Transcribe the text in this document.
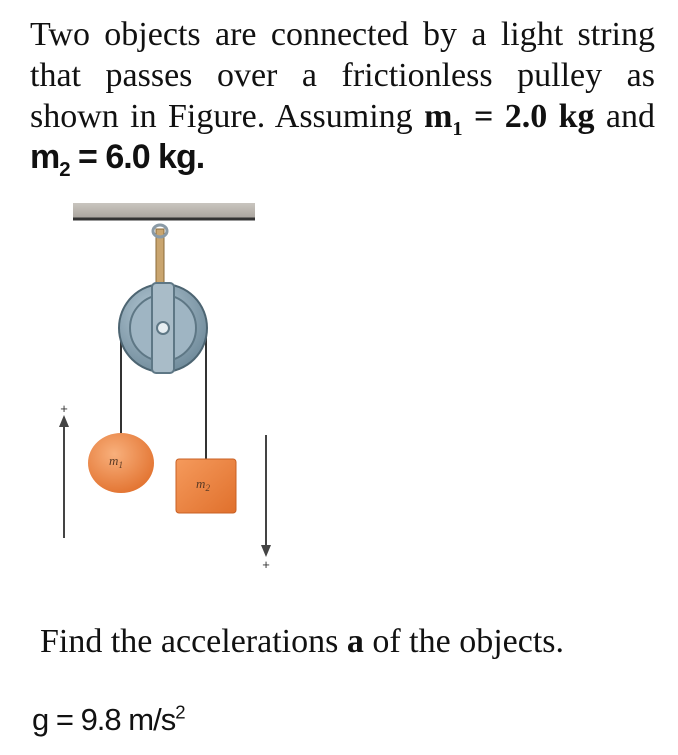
Two objects are connected by a light string that passes over a frictionless pulley as shown in Figure. Assuming $m_1 = 2.0$ kg and $m_2 = 6.0$ kg.

$m_1$
$m_2$
+
+

Find the accelerations a of the objects.

g = 9.8 $m/s^2$
